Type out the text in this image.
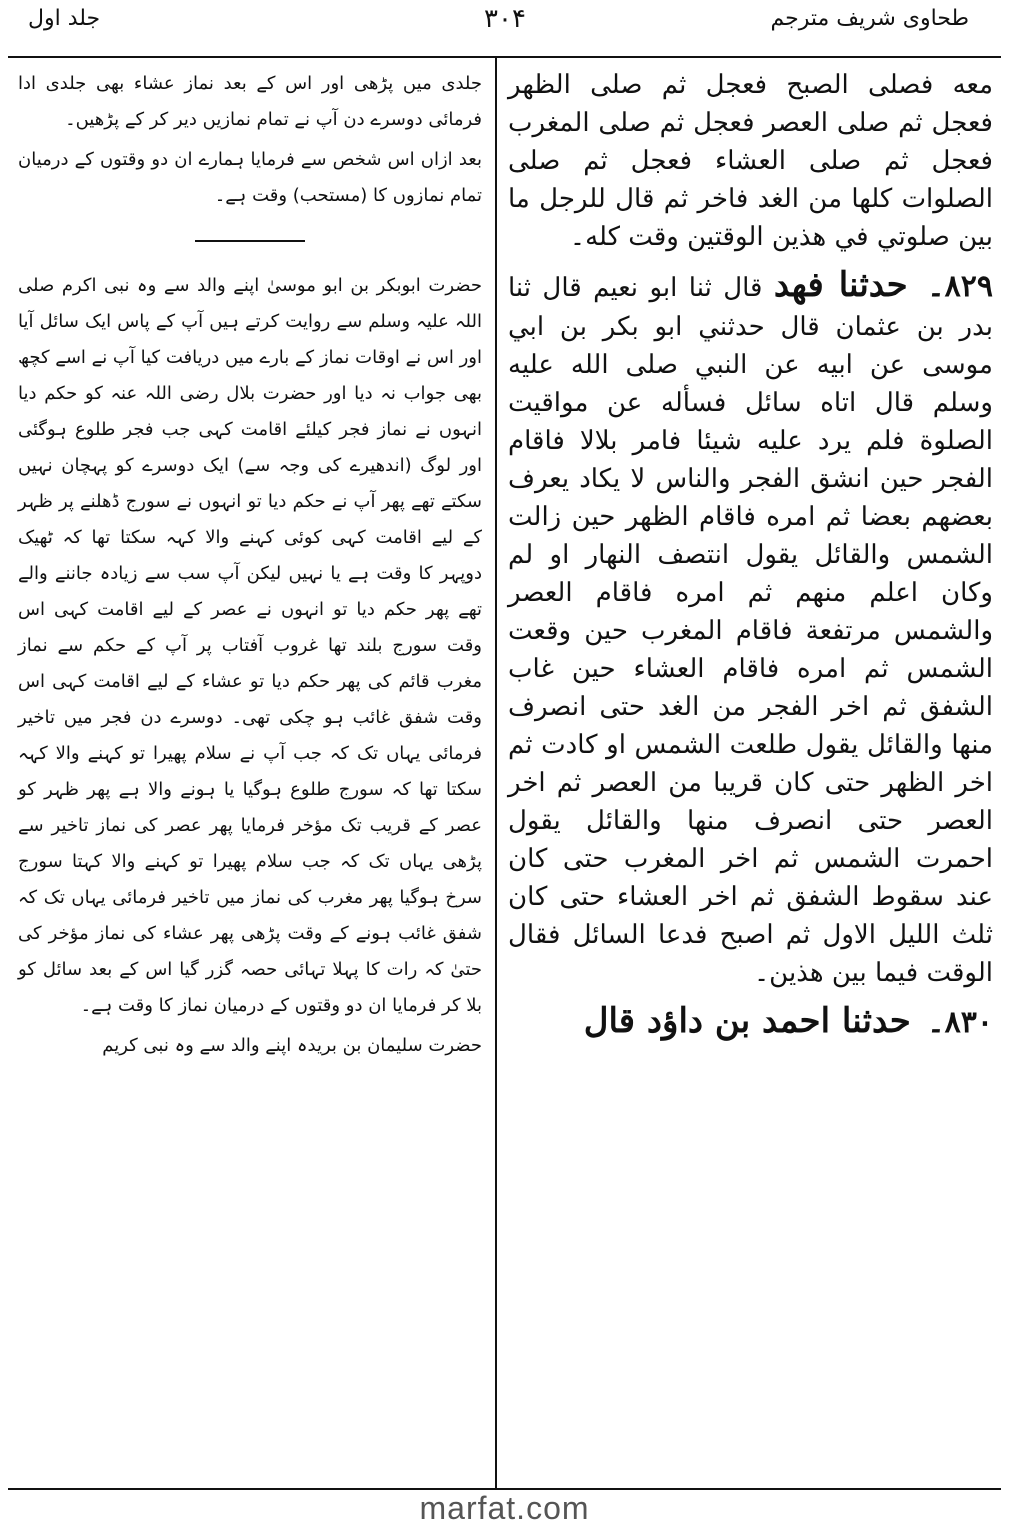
طحاوی شریف مترجم
۳۰۴
جلد اول

معه فصلى الصبح فعجل ثم صلى الظهر فعجل ثم صلى العصر فعجل ثم صلى المغرب فعجل ثم صلى العشاء فعجل ثم صلى الصلوات كلها من الغد فاخر ثم قال للرجل ما بين صلوتي في هذين الوقتين وقت كله۔

۸۲۹۔ حدثنا فهد قال ثنا ابو نعيم قال ثنا بدر بن عثمان قال حدثني ابو بكر بن ابي موسى عن ابيه عن النبي صلى الله عليه وسلم قال اتاه سائل فسأله عن مواقيت الصلوة فلم يرد عليه شيئا فامر بلالا فاقام الفجر حين انشق الفجر والناس لا يكاد يعرف بعضهم بعضا ثم امره فاقام الظهر حين زالت الشمس والقائل يقول انتصف النهار او لم وكان اعلم منهم ثم امره فاقام العصر والشمس مرتفعة فاقام المغرب حين وقعت الشمس ثم امره فاقام العشاء حين غاب الشفق ثم اخر الفجر من الغد حتى انصرف منها والقائل يقول طلعت الشمس او كادت ثم اخر الظهر حتى كان قريبا من العصر ثم اخر العصر حتى انصرف منها والقائل يقول احمرت الشمس ثم اخر المغرب حتى كان عند سقوط الشفق ثم اخر العشاء حتى كان ثلث الليل الاول ثم اصبح فدعا السائل فقال الوقت فيما بين هذين۔

۸۳۰۔ حدثنا احمد بن داؤد قال

جلدی میں پڑھی اور اس کے بعد نماز عشاء بھی جلدی ادا فرمائی دوسرے دن آپ نے تمام نمازیں دیر کر کے پڑھیں۔

بعد ازاں اس شخص سے فرمایا ہمارے ان دو وقتوں کے درمیان تمام نمازوں کا (مستحب) وقت ہے۔

حضرت ابوبکر بن ابو موسیٰ اپنے والد سے وہ نبی اکرم صلی اللہ علیہ وسلم سے روایت کرتے ہیں آپ کے پاس ایک سائل آیا اور اس نے اوقات نماز کے بارے میں دریافت کیا آپ نے اسے کچھ بھی جواب نہ دیا اور حضرت بلال رضی اللہ عنہ کو حکم دیا انہوں نے نماز فجر کیلئے اقامت کہی جب فجر طلوع ہوگئی اور لوگ (اندھیرے کی وجہ سے) ایک دوسرے کو پہچان نہیں سکتے تھے پھر آپ نے حکم دیا تو انہوں نے سورج ڈھلنے پر ظہر کے لیے اقامت کہی کوئی کہنے والا کہہ سکتا تھا کہ ٹھیک دوپہر کا وقت ہے یا نہیں لیکن آپ سب سے زیادہ جاننے والے تھے پھر حکم دیا تو انہوں نے عصر کے لیے اقامت کہی اس وقت سورج بلند تھا غروب آفتاب پر آپ کے حکم سے نماز مغرب قائم کی پھر حکم دیا تو عشاء کے لیے اقامت کہی اس وقت شفق غائب ہو چکی تھی۔ دوسرے دن فجر میں تاخیر فرمائی یہاں تک کہ جب آپ نے سلام پھیرا تو کہنے والا کہہ سکتا تھا کہ سورج طلوع ہوگیا یا ہونے والا ہے پھر ظہر کو عصر کے قریب تک مؤخر فرمایا پھر عصر کی نماز تاخیر سے پڑھی یہاں تک کہ جب سلام پھیرا تو کہنے والا کہتا سورج سرخ ہوگیا پھر مغرب کی نماز میں تاخیر فرمائی یہاں تک کہ شفق غائب ہونے کے وقت پڑھی پھر عشاء کی نماز مؤخر کی حتیٰ کہ رات کا پہلا تہائی حصہ گزر گیا اس کے بعد سائل کو بلا کر فرمایا ان دو وقتوں کے درمیان نماز کا وقت ہے۔

حضرت سلیمان بن بریدہ اپنے والد سے وہ نبی کریم

marfat.com
